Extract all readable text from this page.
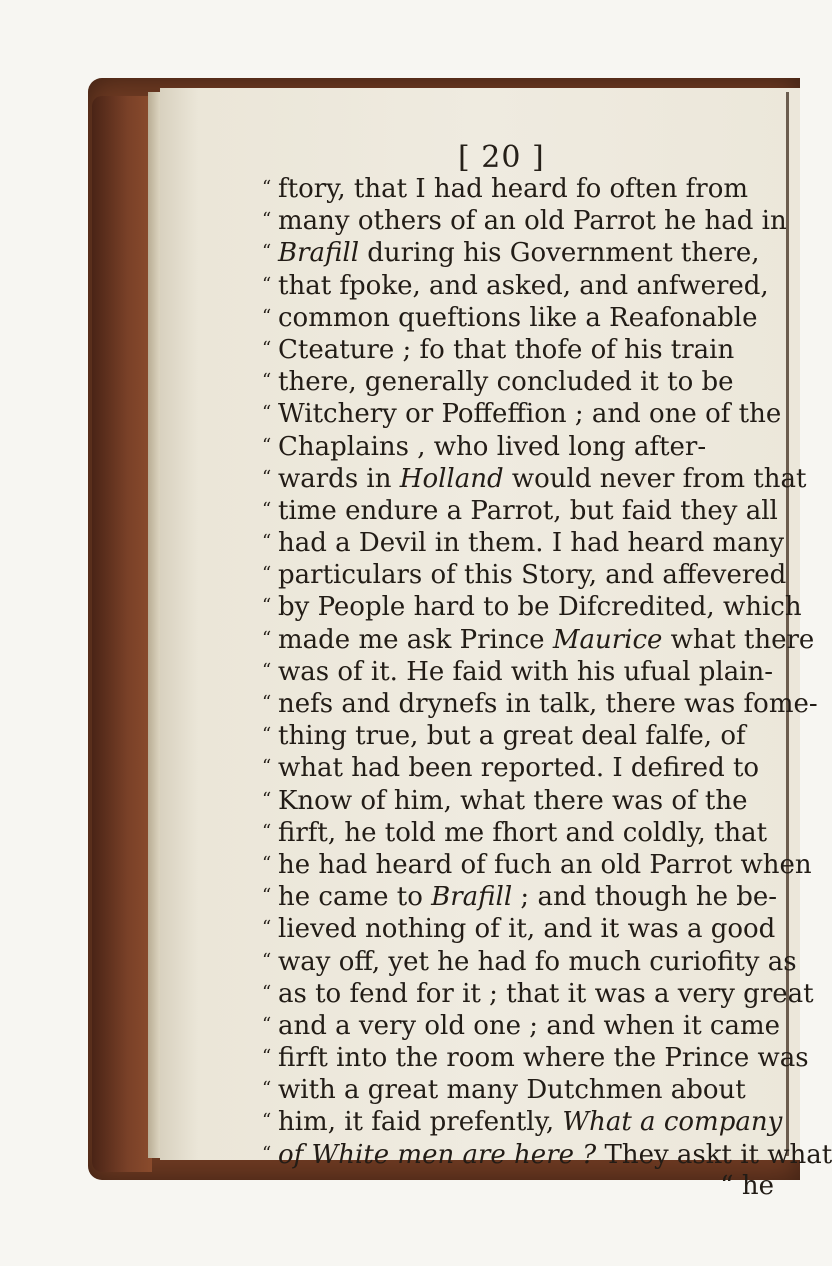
[ 20 ]
“ ftory, that I had heard fo often from
“ many others of an old Parrot he had in
“ Brafill during his Government there,
“ that fpoke, and asked, and anfwered,
“ common queftions like a Reafonable
“ Cteature ; fo that thofe of his train
“ there, generally concluded it to be
“ Witchery or Poffeffion ; and one of the
“ Chaplains , who lived long after-
“ wards in Holland would never from that
“ time endure a Parrot, but faid they all
“ had a Devil in them. I had heard many
“ particulars of this Story, and affevered
“ by People hard to be Difcredited, which
“ made me ask Prince Maurice what there
“ was of it. He faid with his ufual plain-
“ nefs and drynefs in talk, there was fome-
“ thing true, but a great deal falfe, of
“ what had been reported. I defired to
“ Know of him, what there was of the
“ firft, he told me fhort and coldly, that
“ he had heard of fuch an old Parrot when
“ he came to Brafill ; and though he be-
“ lieved nothing of it, and it was a good
“ way off, yet he had fo much curiofity as
“ as to fend for it ; that it was a very great
“ and a very old one ; and when it came
“ firft into the room where the Prince was
“ with a great many Dutchmen about
“ him, it faid prefently, What a company
“ of White men are here ? They askt it what
“ he
